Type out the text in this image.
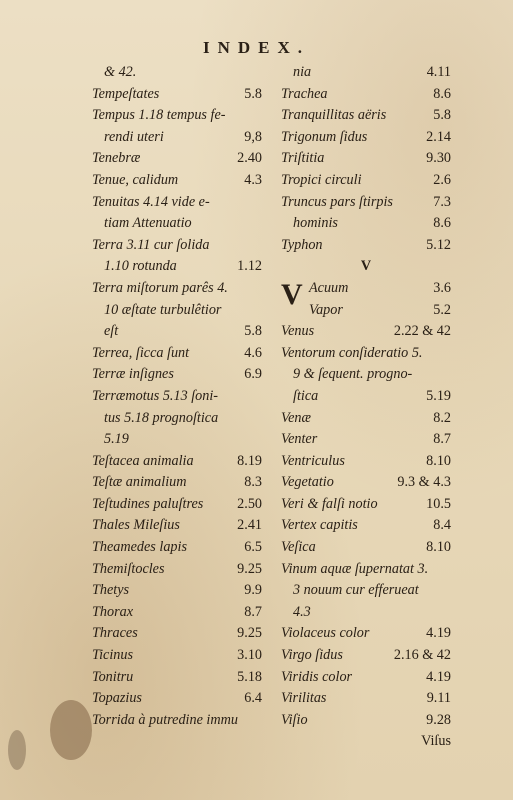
INDEX.
& 42.
Tempeſtates	5.8
Tempus 1.18 tempus fe-
rendi uteri	9,8
Tenebræ	2.40
Tenue, calidum	4.3
Tenuitas 4.14 vide e-
tiam Attenuatio
Terra 3.11 cur ſolida
1.10 rotunda	1.12
Terra miſtorum parês 4.
10 æſtate turbulêtior
eſt	5.8
Terrea, ſicca ſunt	4.6
Terræ inſignes	6.9
Terræmotus 5.13 ſoni-
tus 5.18 prognoſtica
5.19
Teſtacea animalia	8.19
Teſtæ animalium	8.3
Teſtudines paluſtres 2.50
Thales Mileſius	2.41
Theamedes lapis	6.5
Themiſtocles	9.25
Thetys	9.9
Thorax	8.7
Thraces	9.25
Ticinus	3.10
Tonitru	5.18
Topazius	6.4
Torrida à putredine immu
nia	4.11
Trachea	8.6
Tranquillitas aëris	5.8
Trigonum ſidus	2.14
Triſtitia	9.30
Tropici circuli	2.6
Truncus pars ſtirpis	7.3
hominis	8.6
Typhon	5.12
V
Acuum	3.6
V Vapor	5.2
Venus	2.22 & 42
Ventorum conſideratio 5.
9 & ſequent. progno-
ſtica	5.19
Venæ	8.2
Venter	8.7
Ventriculus	8.10
Vegetatio	9.3 & 4.3
Veri & falſi notio	10.5
Vertex capitis	8.4
Veſica	8.10
Vinum aquæ ſupernatat 3.
3 nouum cur efferueat
4.3
Violaceus color	4.19
Virgo ſidus	2.16 & 42
Viridis color	4.19
Virilitas	9.11
Viſio	9.28
Viſus
